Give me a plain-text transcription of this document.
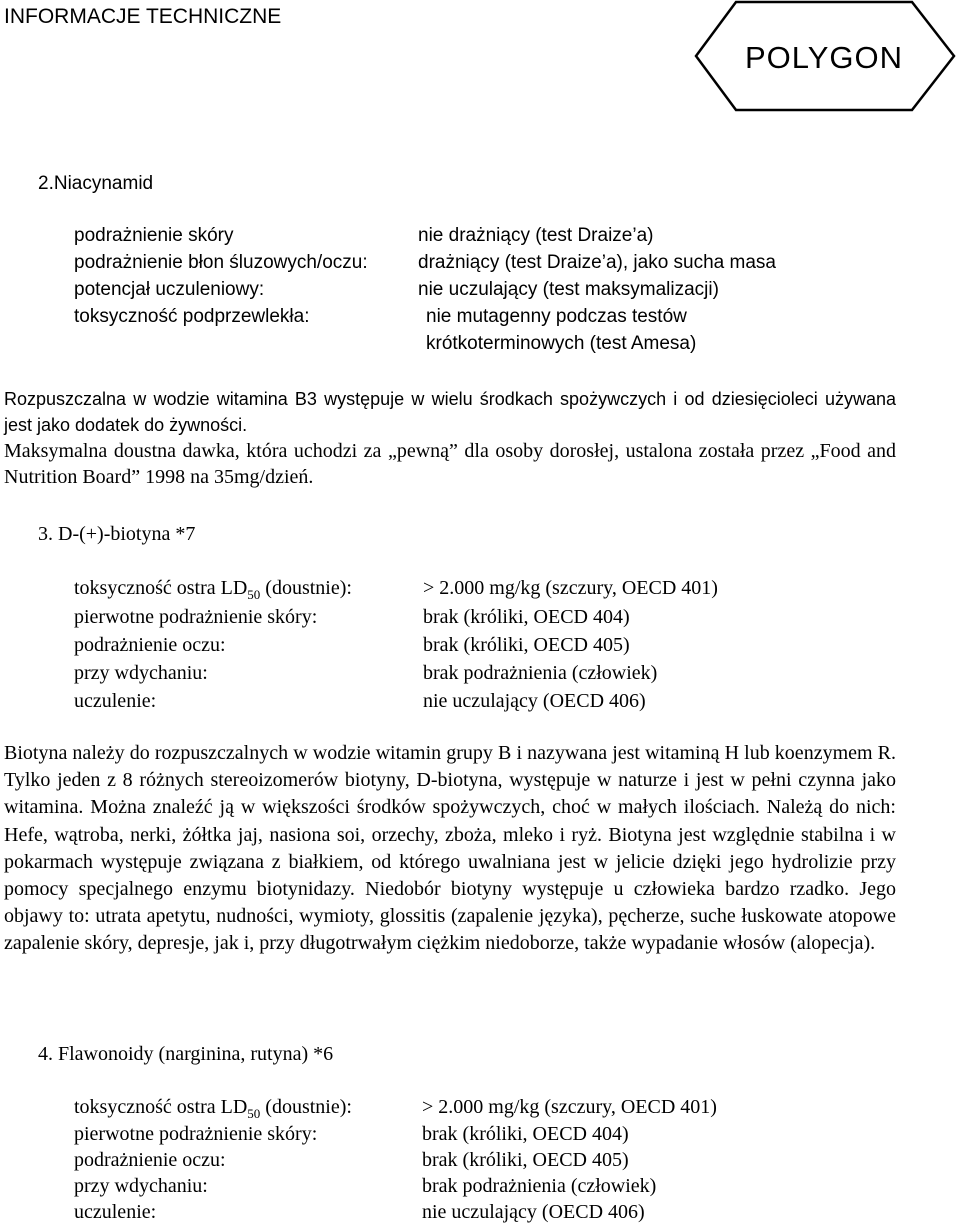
INFORMACJE TECHNICZNE
POLYGON
2.Niacynamid
podrażnienie skóry	nie drażniący (test Draize’a)
podrażnienie błon śluzowych/oczu:	drażniący (test Draize’a), jako sucha masa
potencjał uczuleniowy:	nie uczulający (test maksymalizacji)
toksyczność podprzewlekła:	nie mutagenny podczas testów
krótkoterminowych (test Amesa)
Rozpuszczalna w wodzie witamina B3 występuje w wielu środkach spożywczych i od dziesięcioleci używana jest jako dodatek do żywności.
Maksymalna doustna dawka, która uchodzi za „pewną” dla osoby dorosłej, ustalona została przez „Food and Nutrition Board” 1998 na 35mg/dzień.
3. D-(+)-biotyna *7
toksyczność ostra $LD_{50}$ (doustnie):	> 2.000 mg/kg (szczury, OECD 401)
pierwotne podrażnienie skóry:	brak (króliki, OECD 404)
podrażnienie oczu:	brak (króliki, OECD 405)
przy wdychaniu:	brak podrażnienia (człowiek)
uczulenie:	nie uczulający (OECD 406)
Biotyna należy do rozpuszczalnych w wodzie witamin grupy B i nazywana jest witaminą H lub koenzymem R. Tylko jeden z 8 różnych stereoizomerów biotyny, D-biotyna, występuje w naturze i jest w pełni czynna jako witamina. Można znaleźć ją w większości środków spożywczych, choć w małych ilościach. Należą do nich: Hefe, wątroba, nerki, żółtka jaj, nasiona soi, orzechy, zboża, mleko i ryż. Biotyna jest względnie stabilna i w pokarmach występuje związana z białkiem, od którego uwalniana jest w jelicie dzięki jego hydrolizie przy pomocy specjalnego enzymu biotynidazy. Niedobór biotyny występuje u człowieka bardzo rzadko. Jego objawy to: utrata apetytu, nudności, wymioty, glossitis (zapalenie języka), pęcherze, suche łuskowate atopowe zapalenie skóry, depresje, jak i, przy długotrwałym ciężkim niedoborze, także wypadanie włosów (alopecja).
4. Flawonoidy (narginina, rutyna) *6
toksyczność ostra $LD_{50}$ (doustnie):	> 2.000 mg/kg (szczury, OECD 401)
pierwotne podrażnienie skóry:	brak (króliki, OECD 404)
podrażnienie oczu:	brak (króliki, OECD 405)
przy wdychaniu:	brak podrażnienia (człowiek)
uczulenie:	nie uczulający (OECD 406)
